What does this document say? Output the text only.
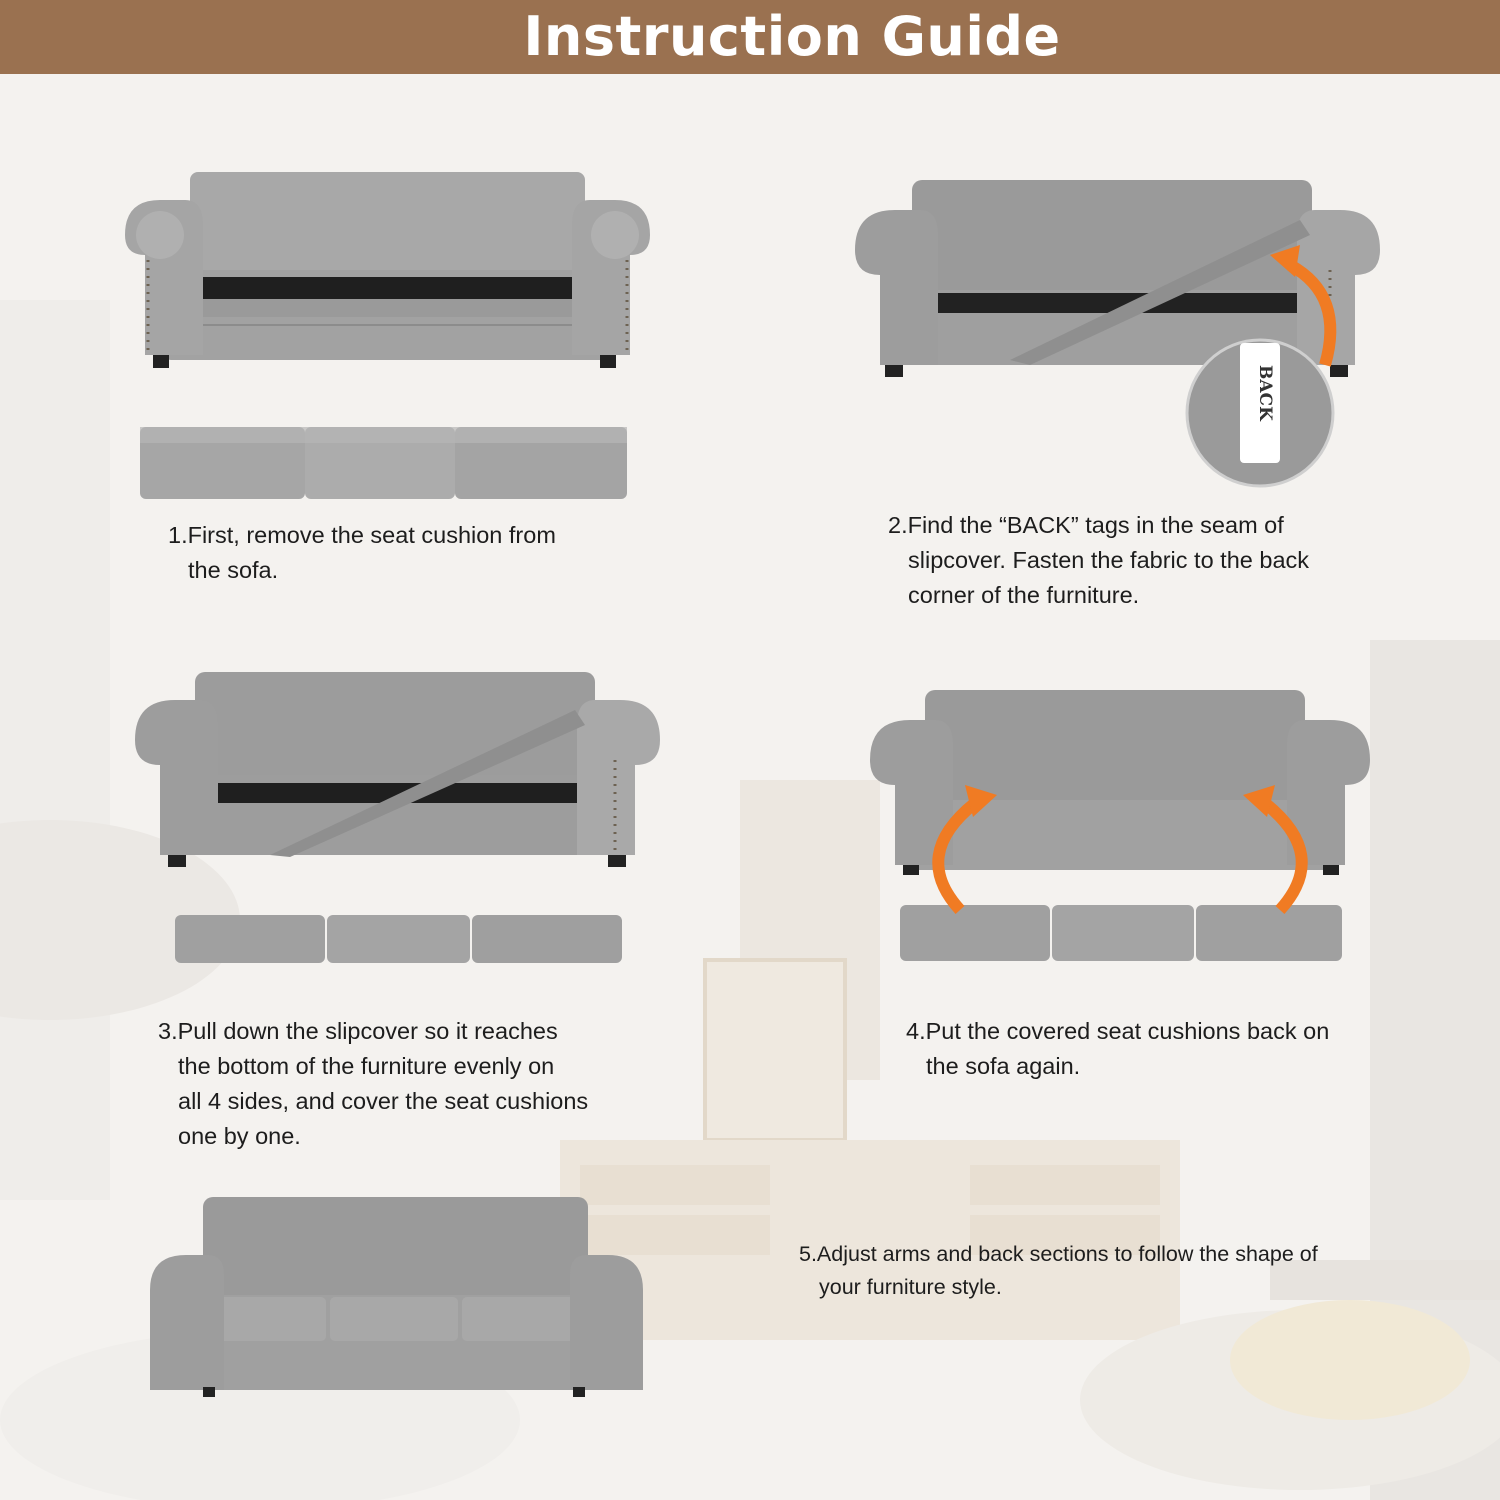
Instruction Guide
BACK
1.First, remove the seat cushion from
the sofa.
2.Find the “BACK” tags in the seam of
slipcover. Fasten the fabric to the back
corner of the furniture.
3.Pull down the slipcover so it reaches
the bottom of the furniture evenly on
all 4 sides, and cover the seat cushions
one by one.
4.Put the covered seat cushions back on
the sofa again.
5.Adjust arms and back sections to follow the shape of
your furniture style.
